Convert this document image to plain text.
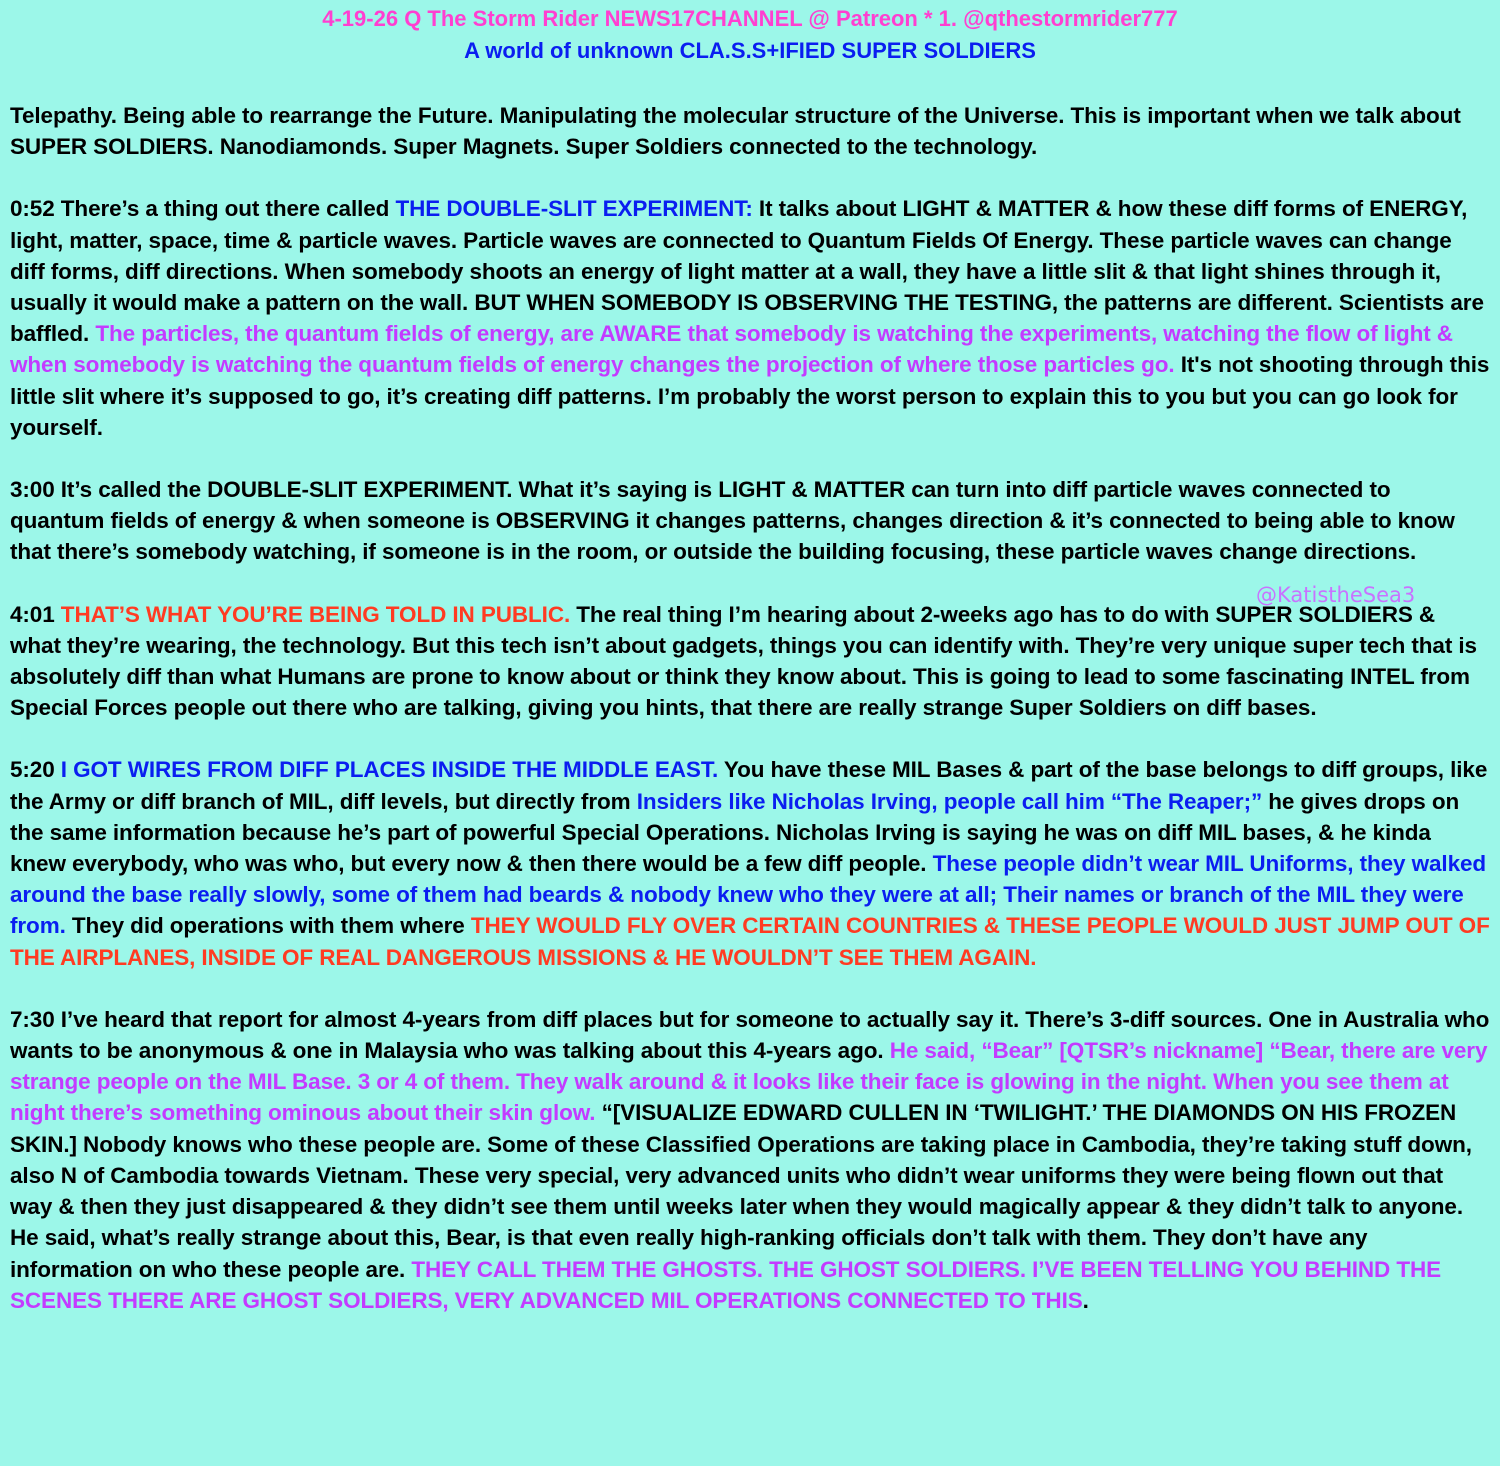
4-19-26 Q The Storm Rider NEWS17CHANNEL @ Patreon * 1. @qthestormrider777
A world of unknown CLA.S.S+IFIED SUPER SOLDIERS

Telepathy. Being able to rearrange the Future. Manipulating the molecular structure of the Universe. This is important when we talk about SUPER SOLDIERS. Nanodiamonds. Super Magnets. Super Soldiers connected to the technology.

0:52 There’s a thing out there called THE DOUBLE-SLIT EXPERIMENT: It talks about LIGHT & MATTER & how these diff forms of ENERGY, light, matter, space, time & particle waves. Particle waves are connected to Quantum Fields Of Energy. These particle waves can change diff forms, diff directions. When somebody shoots an energy of light matter at a wall, they have a little slit & that light shines through it, usually it would make a pattern on the wall. BUT WHEN SOMEBODY IS OBSERVING THE TESTING, the patterns are different. Scientists are baffled. The particles, the quantum fields of energy, are AWARE that somebody is watching the experiments, watching the flow of light & when somebody is watching the quantum fields of energy changes the projection of where those particles go. It's not shooting through this little slit where it’s supposed to go, it’s creating diff patterns. I’m probably the worst person to explain this to you but you can go look for yourself.

3:00 It’s called the DOUBLE-SLIT EXPERIMENT. What it’s saying is LIGHT & MATTER can turn into diff particle waves connected to quantum fields of energy & when someone is OBSERVING it changes patterns, changes direction & it’s connected to being able to know that there’s somebody watching, if someone is in the room, or outside the building focusing, these particle waves change directions.

4:01 THAT’S WHAT YOU’RE BEING TOLD IN PUBLIC. The real thing I’m hearing about 2-weeks ago has to do with SUPER SOLDIERS & what they’re wearing, the technology. But this tech isn’t about gadgets, things you can identify with. They’re very unique super tech that is absolutely diff than what Humans are prone to know about or think they know about. This is going to lead to some fascinating INTEL from Special Forces people out there who are talking, giving you hints, that there are really strange Super Soldiers on diff bases.

5:20 I GOT WIRES FROM DIFF PLACES INSIDE THE MIDDLE EAST. You have these MIL Bases & part of the base belongs to diff groups, like the Army or diff branch of MIL, diff levels, but directly from Insiders like Nicholas Irving, people call him “The Reaper;” he gives drops on the same information because he’s part of powerful Special Operations. Nicholas Irving is saying he was on diff MIL bases, & he kinda knew everybody, who was who, but every now & then there would be a few diff people. These people didn’t wear MIL Uniforms, they walked around the base really slowly, some of them had beards & nobody knew who they were at all; Their names or branch of the MIL they were from. They did operations with them where THEY WOULD FLY OVER CERTAIN COUNTRIES & THESE PEOPLE WOULD JUST JUMP OUT OF THE AIRPLANES, INSIDE OF REAL DANGEROUS MISSIONS & HE WOULDN’T SEE THEM AGAIN.

7:30 I’ve heard that report for almost 4-years from diff places but for someone to actually say it. There’s 3-diff sources. One in Australia who wants to be anonymous & one in Malaysia who was talking about this 4-years ago. He said, “Bear” [QTSR’s nickname] “Bear, there are very strange people on the MIL Base. 3 or 4 of them. They walk around & it looks like their face is glowing in the night. When you see them at night there’s something ominous about their skin glow. “[VISUALIZE EDWARD CULLEN IN ‘TWILIGHT.’ THE DIAMONDS ON HIS FROZEN SKIN.] Nobody knows who these people are. Some of these Classified Operations are taking place in Cambodia, they’re taking stuff down, also N of Cambodia towards Vietnam. These very special, very advanced units who didn’t wear uniforms they were being flown out that way & then they just disappeared & they didn’t see them until weeks later when they would magically appear & they didn’t talk to anyone. He said, what’s really strange about this, Bear, is that even really high-ranking officials don’t talk with them. They don’t have any information on who these people are. THEY CALL THEM THE GHOSTS. THE GHOST SOLDIERS. I’VE BEEN TELLING YOU BEHIND THE SCENES THERE ARE GHOST SOLDIERS, VERY ADVANCED MIL OPERATIONS CONNECTED TO THIS.

@KatistheSea3
